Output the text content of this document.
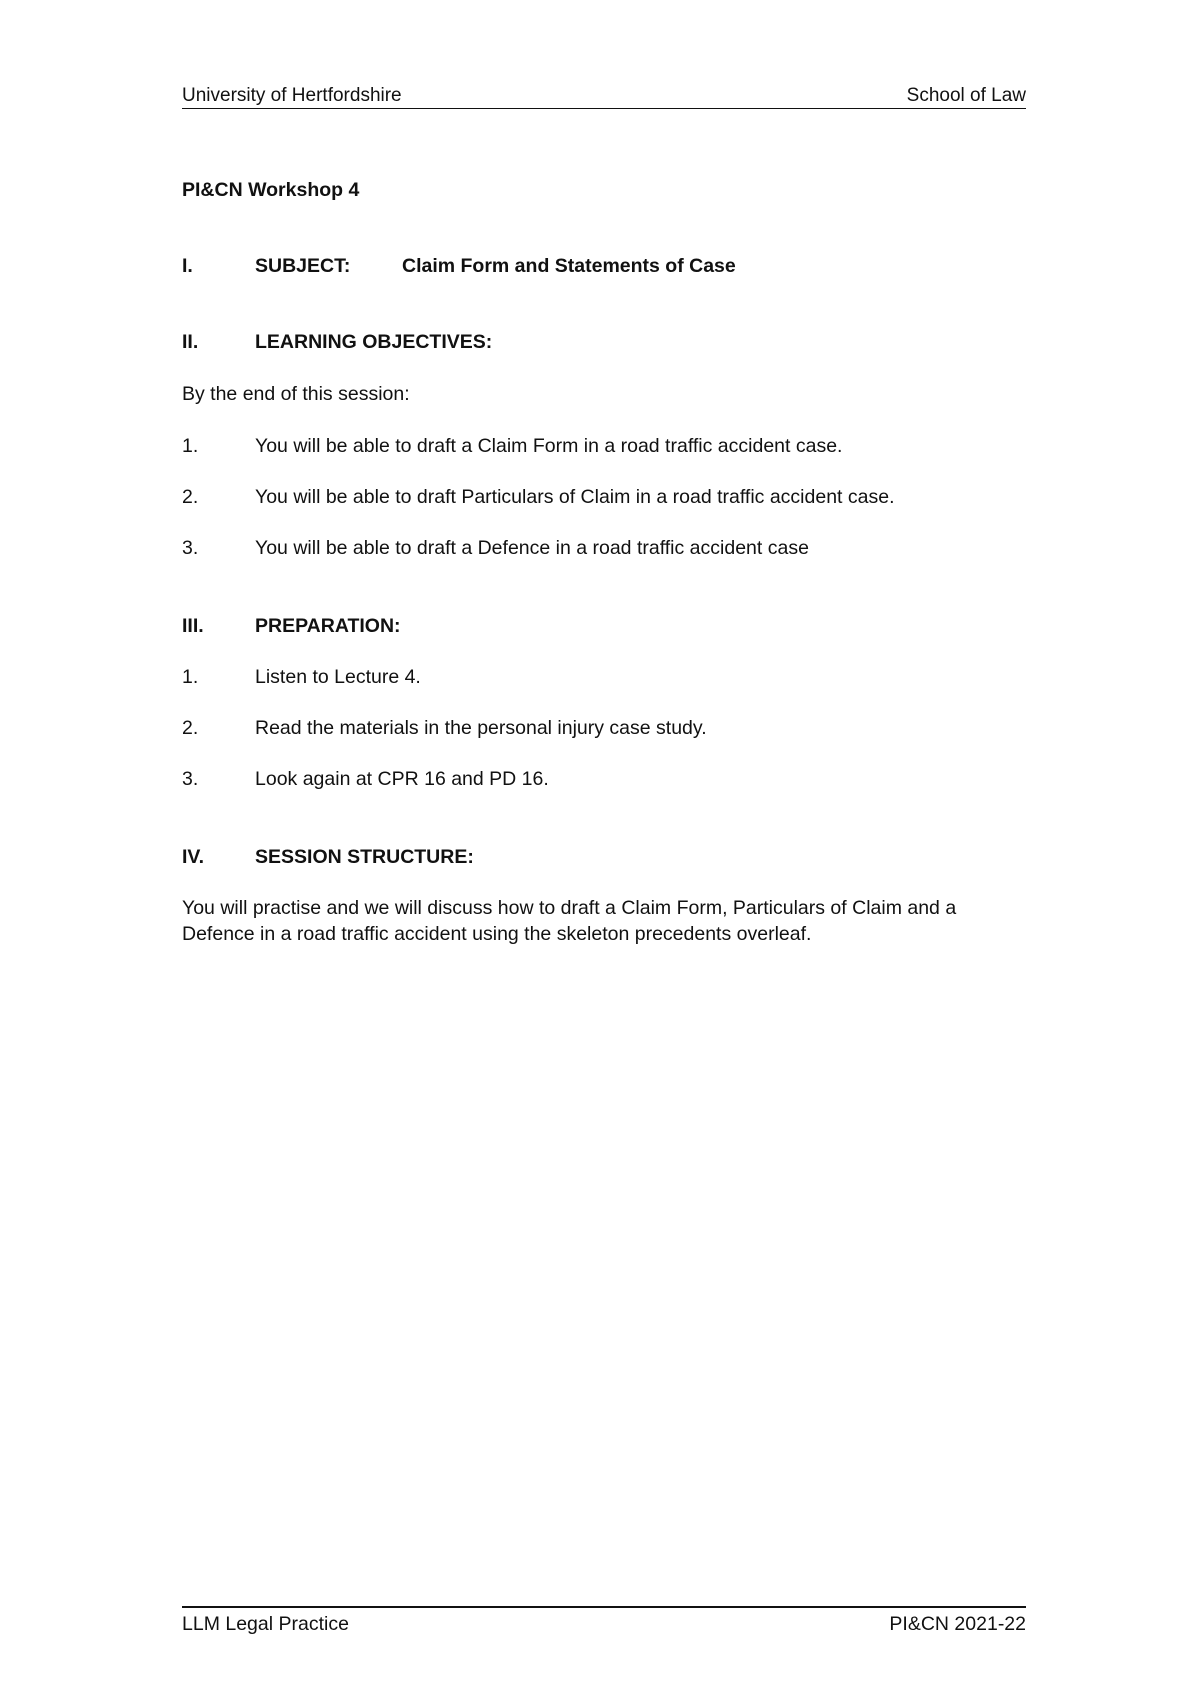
University of Hertfordshire	School of Law
PI&CN Workshop 4
I.	SUBJECT:	Claim Form and Statements of Case
II.	LEARNING OBJECTIVES:
By the end of this session:
1.	You will be able to draft a Claim Form in a road traffic accident case.
2.	You will be able to draft Particulars of Claim in a road traffic accident case.
3.	You will be able to draft a Defence in a road traffic accident case
III.	PREPARATION:
1.	Listen to Lecture 4.
2.	Read the materials in the personal injury case study.
3.	Look again at CPR 16 and PD 16.
IV.	SESSION STRUCTURE:
You will practise and we will discuss how to draft a Claim Form, Particulars of Claim and a Defence in a road traffic accident using the skeleton precedents overleaf.
LLM Legal Practice	PI&CN 2021-22
